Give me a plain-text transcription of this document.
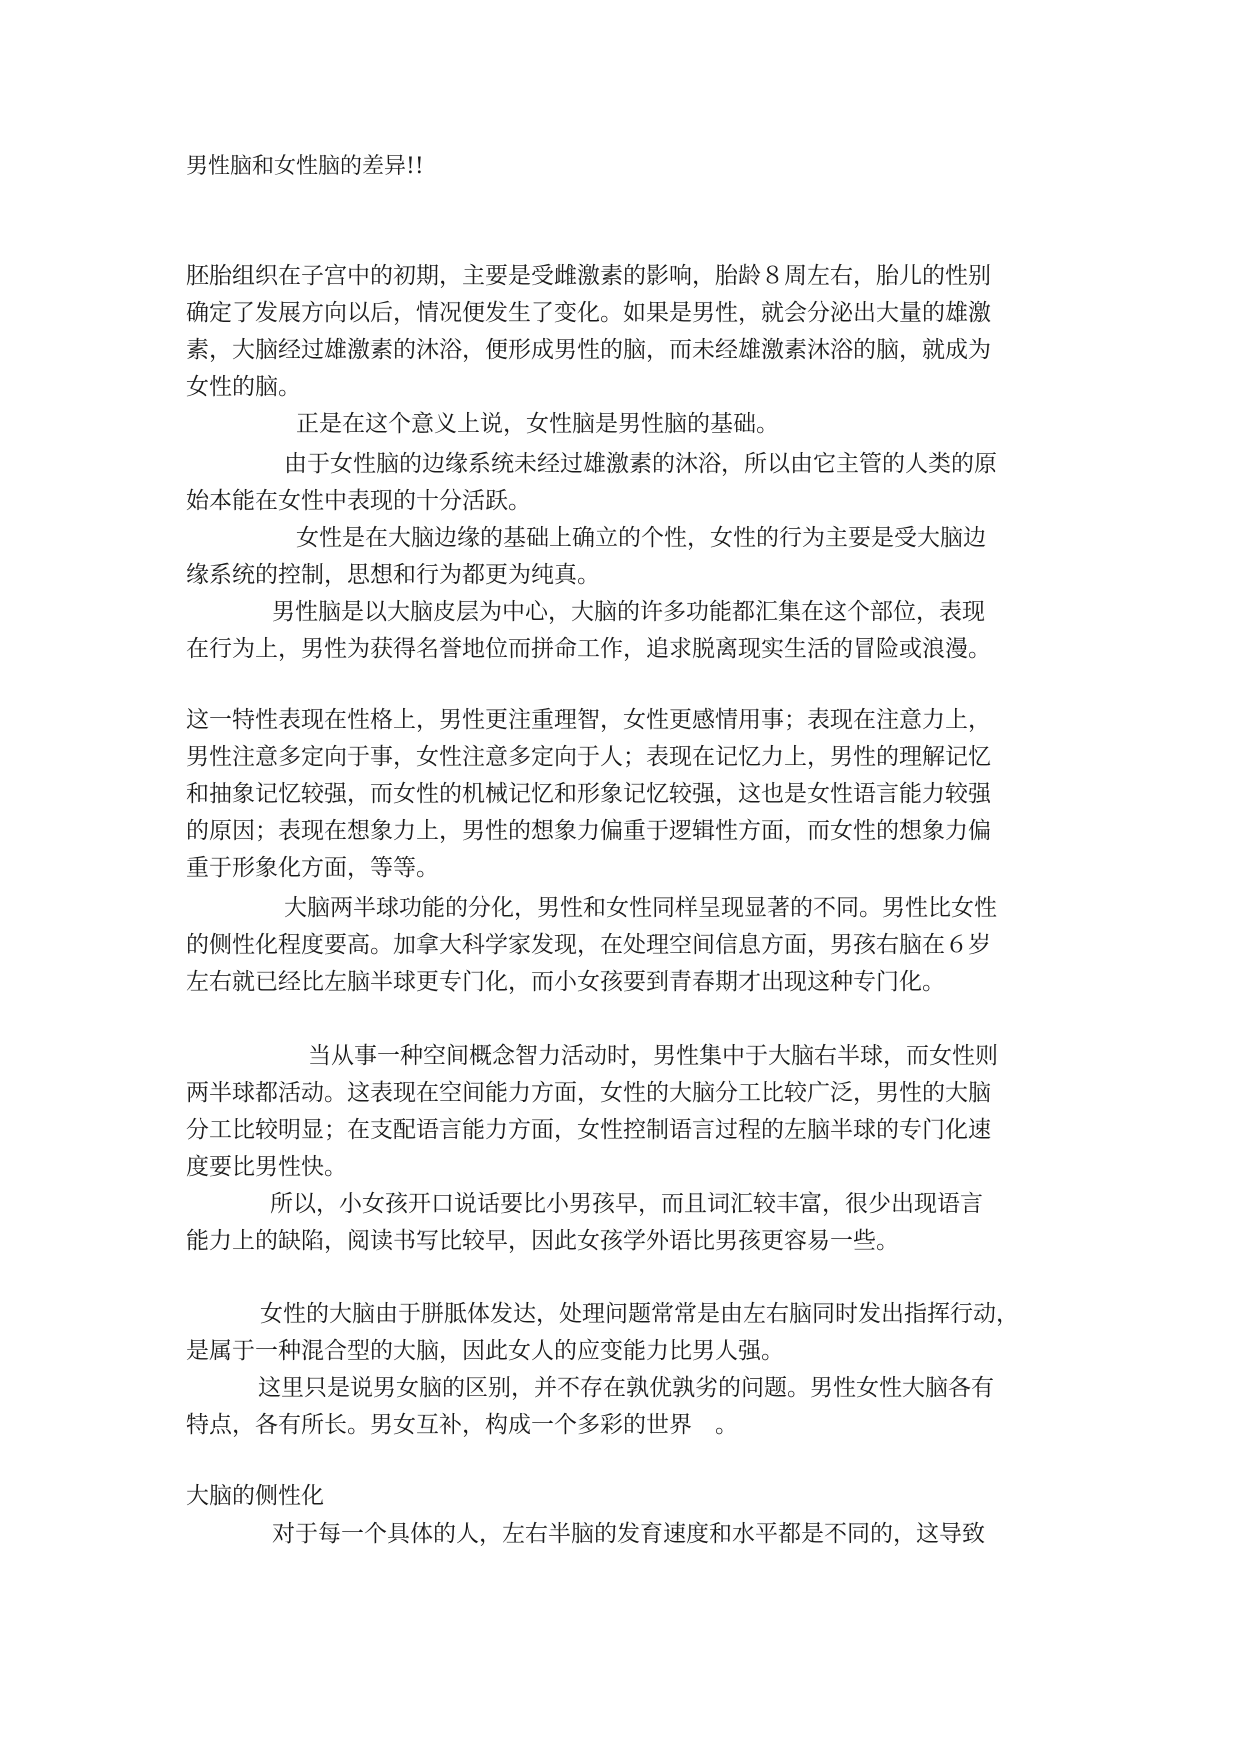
男性脑和女性脑的差异!!
胚胎组织在子宫中的初期，主要是受雌激素的影响，胎龄８周左右，胎儿的性别
确定了发展方向以后，情况便发生了变化。如果是男性，就会分泌出大量的雄激
素，大脑经过雄激素的沐浴，便形成男性的脑，而未经雄激素沐浴的脑，就成为
女性的脑。
正是在这个意义上说，女性脑是男性脑的基础。
由于女性脑的边缘系统未经过雄激素的沐浴，所以由它主管的人类的原
始本能在女性中表现的十分活跃。
女性是在大脑边缘的基础上确立的个性，女性的行为主要是受大脑边
缘系统的控制，思想和行为都更为纯真。
男性脑是以大脑皮层为中心，大脑的许多功能都汇集在这个部位，表现
在行为上，男性为获得名誉地位而拼命工作，追求脱离现实生活的冒险或浪漫。
这一特性表现在性格上，男性更注重理智，女性更感情用事；表现在注意力上，
男性注意多定向于事，女性注意多定向于人；表现在记忆力上，男性的理解记忆
和抽象记忆较强，而女性的机械记忆和形象记忆较强，这也是女性语言能力较强
的原因；表现在想象力上，男性的想象力偏重于逻辑性方面，而女性的想象力偏
重于形象化方面，等等。
大脑两半球功能的分化，男性和女性同样呈现显著的不同。男性比女性
的侧性化程度要高。加拿大科学家发现，在处理空间信息方面，男孩右脑在６岁
左右就已经比左脑半球更专门化，而小女孩要到青春期才出现这种专门化。
当从事一种空间概念智力活动时，男性集中于大脑右半球，而女性则
两半球都活动。这表现在空间能力方面，女性的大脑分工比较广泛，男性的大脑
分工比较明显；在支配语言能力方面，女性控制语言过程的左脑半球的专门化速
度要比男性快。
所以，小女孩开口说话要比小男孩早，而且词汇较丰富，很少出现语言
能力上的缺陷，阅读书写比较早，因此女孩学外语比男孩更容易一些。
女性的大脑由于胼胝体发达，处理问题常常是由左右脑同时发出指挥行动，
是属于一种混合型的大脑，因此女人的应变能力比男人强。
这里只是说男女脑的区别，并不存在孰优孰劣的问题。男性女性大脑各有
特点，各有所长。男女互补，构成一个多彩的世界　。
大脑的侧性化
对于每一个具体的人，左右半脑的发育速度和水平都是不同的，这导致
